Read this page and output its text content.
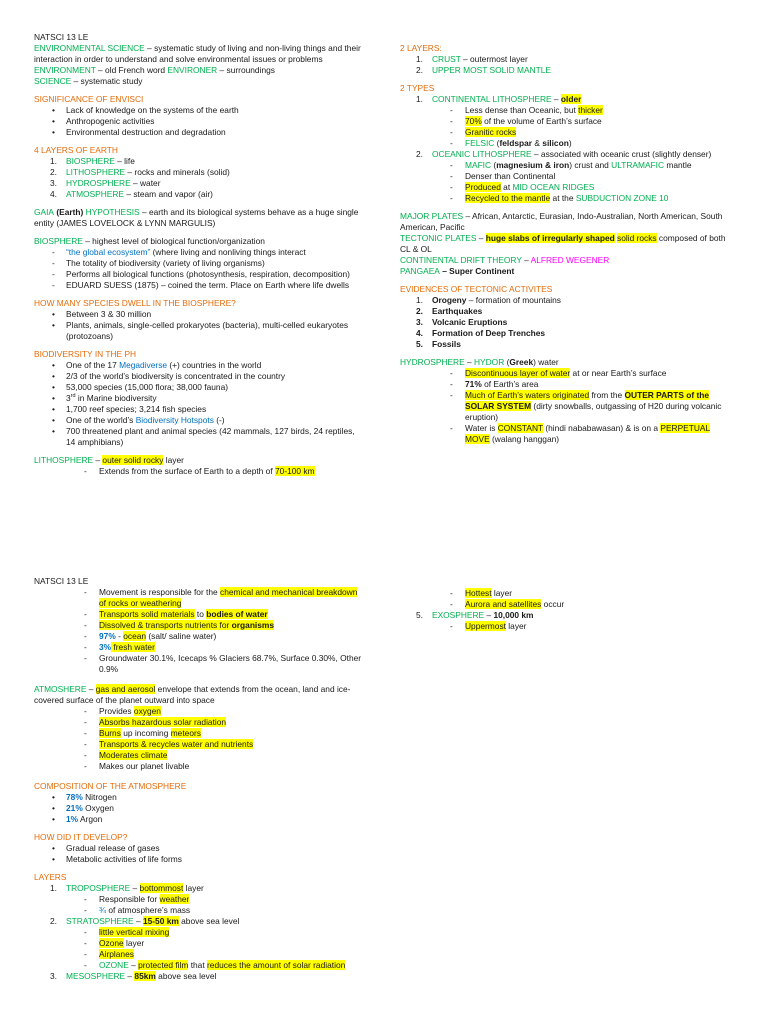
NATSCI 13 LE

ENVIRONMENTAL SCIENCE – systematic study of living and non-living things and their interaction in order to understand and solve environmental issues or problems

ENVIRONMENT – old French word ENVIRONER – surroundings

SCIENCE – systematic study

SIGNIFICANCE OF ENVISCI

• Lack of knowledge on the systems of the earth
• Anthropogenic activities
• Environmental destruction and degradation

4 LAYERS OF EARTH

1. BIOSPHERE – life
2. LITHOSPHERE – rocks and minerals (solid)
3. HYDROSPHERE – water
4. ATMOSPHERE – steam and vapor (air)

GAIA (Earth) HYPOTHESIS – earth and its biological systems behave as a huge single entity (JAMES LOVELOCK & LYNN MARGULIS)

BIOSPHERE – highest level of biological function/organization

- “the global ecosystem” (where living and nonliving things interact
- The totality of biodiversity (variety of living organisms)
- Performs all biological functions (photosynthesis, respiration, decomposition)
- EDUARD SUESS (1875) – coined the term. Place on Earth where life dwells

HOW MANY SPECIES DWELL IN THE BIOSPHERE?

• Between 3 & 30 million
• Plants, animals, single-celled prokaryotes (bacteria), multi-celled eukaryotes (protozoans)

BIODIVERSITY IN THE PH

• One of the 17 Megadiverse (+) countries in the world
• 2/3 of the world’s biodiversity is concentrated in the country
• 53,000 species (15,000 flora; 38,000 fauna)
• 3rd in Marine biodiversity
• 1,700 reef species; 3,214 fish species
• One of the world’s Biodiversity Hotspots (-)
• 700 threatened plant and animal species (42 mammals, 127 birds, 24 reptiles, 14 amphibians)

LITHOSPHERE – outer solid rocky layer

- Extends from the surface of Earth to a depth of 70-100 km

2 LAYERS:

1. CRUST – outermost layer
2. UPPER MOST SOLID MANTLE

2 TYPES

1. CONTINENTAL LITHOSPHERE – older
- Less dense than Oceanic, but thicker
- 70% of the volume of Earth’s surface
- Granitic rocks
- FELSIC (feldspar & silicon)
2. OCEANIC LITHOSPHERE – associated with oceanic crust (slightly denser)
- MAFIC (magnesium & iron) crust and ULTRAMAFIC mantle
- Denser than Continental
- Produced at MID OCEAN RIDGES
- Recycled to the mantle at the SUBDUCTION ZONE 10

MAJOR PLATES – African, Antarctic, Eurasian, Indo-Australian, North American, South American, Pacific

TECTONIC PLATES – huge slabs of irregularly shaped solid rocks composed of both CL & OL

CONTINENTAL DRIFT THEORY – ALFRED WEGENER

PANGAEA – Super Continent

EVIDENCES OF TECTONIC ACTIVITES

1. Orogeny – formation of mountains
2. Earthquakes
3. Volcanic Eruptions
4. Formation of Deep Trenches
5. Fossils

HYDROSPHERE – HYDOR (Greek) water

- Discontinuous layer of water at or near Earth’s surface
- 71% of Earth’s area
- Much of Earth’s waters originated from the OUTER PARTS of the SOLAR SYSTEM (dirty snowballs, outgassing of H20 during volcanic eruption)
- Water is CONSTANT (hindi nababawasan) & is on a PERPETUAL MOVE (walang hanggan)

NATSCI 13 LE

- Movement is responsible for the chemical and mechanical breakdown of rocks or weathering
- Transports solid materials to bodies of water
- Dissolved & transports nutrients for organisms
- 97% - ocean (salt/ saline water)
- 3% fresh water
- Groundwater 30.1%, Icecaps % Glaciers 68.7%, Surface 0.30%, Other 0.9%

ATMOSHERE – gas and aerosol envelope that extends from the ocean, land and ice-covered surface of the planet outward into space

- Provides oxygen
- Absorbs hazardous solar radiation
- Burns up incoming meteors
- Transports & recycles water and nutrients
- Moderates climate
- Makes our planet livable

COMPOSITION OF THE ATMOSPHERE

• 78% Nitrogen
• 21% Oxygen
• 1% Argon

HOW DID IT DEVELOP?

• Gradual release of gases
• Metabolic activities of life forms

LAYERS

1. TROPOSPHERE – bottommost layer
- Responsible for weather
- ¾ of atmosphere’s mass
2. STRATOSPHERE – 15-50 km above sea level
- little vertical mixing
- Ozone layer
- Airplanes
- OZONE – protected film that reduces the amount of solar radiation
3. MESOSPHERE – 85km above sea level
- Hottest layer
- Aurora and satellites occur
5. EXOSPHERE – 10,000 km
- Uppermost layer
